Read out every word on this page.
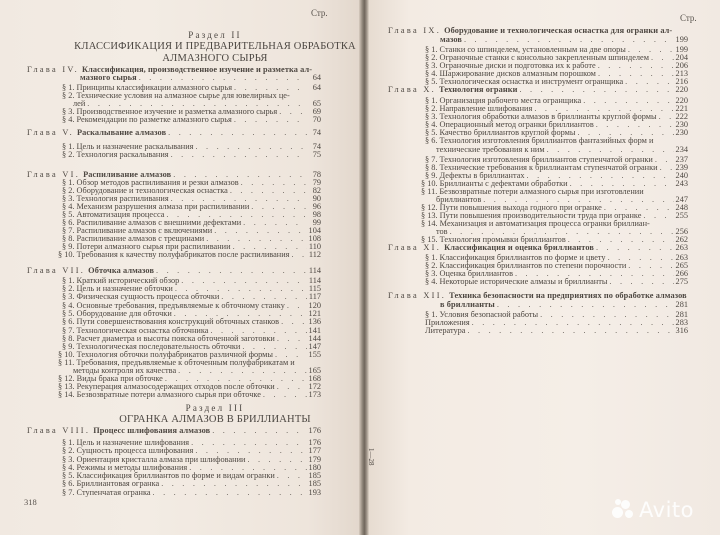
Стр.
Раздел II
КЛАССИФИКАЦИЯ И ПРЕДВАРИТЕЛЬНАЯ ОБРАБОТКА
АЛМАЗНОГО СЫРЬЯ
Глава IV. Классификация, производственное изучение и разметка ал-
мазного сырья . . .	64
§ 1. Принципы классификации алмазного сырья . . .	64
§ 2. Технические условия на алмазное сырье для ювелирных це-
лей . . .	65
§ 3. Производственное изучение и разметка алмазного сырья . . .	69
§ 4. Рекомендации по разметке алмазного сырья . . .	70
Глава V. Раскалывание алмазов . . .	74
§ 1. Цель и назначение раскалывания . . .	74
§ 2. Технология раскалывания . . .	75
Глава VI. Распиливание алмазов . . .	78
§ 1. Обзор методов распиливания и резки алмазов . . .	79
§ 2. Оборудование и технологическая оснастка . . .	82
§ 3. Технология распиливания . . .	90
§ 4. Механизм разрушения алмаза при распиливании . . .	96
§ 5. Автоматизация процесса . . .	98
§ 6. Распиливание алмазов с внешними дефектами . . .	99
§ 7. Распиливание алмазов с включениями . . .	104
§ 8. Распиливание алмазов с трещинами . . .	108
§ 9. Потери алмазного сырья при распиливании . . .	110
§ 10. Требования к качеству полуфабрикатов после распиливания . . . 112
Глава VII. Обточка алмазов . . .	114
§ 1. Краткий исторический обзор . . .	114
§ 2. Цель и назначение обточки . . .	115
§ 3. Физическая сущность процесса обточки . . .	117
§ 4. Основные требования, предъявляемые к обточному станку . . .	120
§ 5. Оборудование для обточки . . .	121
§ 6. Пути совершенствования конструкций обточных станков . . .	136
§ 7. Технологическая оснастка обточника . . .	141
§ 8. Расчет диаметра и высоты пояска обточенной заготовки . . .	144
§ 9. Технологическая последовательность обточки . . .	147
§ 10. Технология обточки полуфабрикатов различной формы . . .	155
§ 11. Требования, предъявляемые к обточенным полуфабрикатам и
методы контроля их качества . . .	165
§ 12. Виды брака при обточке . . .	168
§ 13. Рекуперация алмазосодержащих отходов после обточки . . .	172
§ 14. Безвозвратные потери алмазного сырья при обточке . . .	173
Раздел III
ОГРАНКА АЛМАЗОВ В БРИЛЛИАНТЫ
Глава VIII. Процесс шлифования алмазов . . .	176
§ 1. Цель и назначение шлифования . . .	176
§ 2. Сущность процесса шлифования . . .	177
§ 3. Ориентация кристалла алмаза при шлифовании . . .	179
§ 4. Режимы и методы шлифования . . .	180
§ 5. Классификация бриллиантов по форме и видам огранки . . .	185
§ 6. Бриллиантовая огранка . . .	185
§ 7. Ступенчатая огранка . . .	193
318
Стр.
Глава IX. Оборудование и технологическая оснастка для огранки ал-
мазов . . .	199
§ 1. Станки со шпинделем, установленным на две опоры . . .	199
§ 2. Ограночные станки с консольно закрепленным шпинделем . . .	204
§ 3. Ограночные диски и подготовка их к работе . . .	206
§ 4. Шаржирование дисков алмазным порошком . . .	213
§ 5. Технологическая оснастка и инструмент огранщика . . .	216
Глава X. Технология огранки . . .	220
§ 1. Организация рабочего места огранщика . . .	220
§ 2. Направление шлифования . . .	221
§ 3. Технология обработки алмазов в бриллианты круглой формы . . . 222
§ 4. Операционный метод огранки бриллиантов . . .	230
§ 5. Качество бриллиантов круглой формы . . .	230
§ 6. Технология изготовления бриллиантов фантазийных форм и
технические требования к ним . . .	234
§ 7. Технология изготовления бриллиантов ступенчатой огранки . . .	237
§ 8. Технические требования к бриллиантам ступенчатой огранки . . . 239
§ 9. Дефекты в бриллиантах . . .	240
§ 10. Бриллианты с дефектами обработки . . .	243
§ 11. Безвозвратные потери алмазного сырья при изготовлении
бриллиантов . . .	247
§ 12. Пути повышения выхода годного при огранке . . .	248
§ 13. Пути повышения производительности труда при огранке . . .	255
§ 14. Механизация и автоматизация процесса огранки бриллиан-
тов . . .	256
§ 15. Технология промывки бриллиантов . . .	262
Глава XI. Классификация и оценка бриллиантов . . .	263
§ 1. Классификация бриллиантов по форме и цвету . . .	263
§ 2. Классификация бриллиантов по степени порочности . . .	265
§ 3. Оценка бриллиантов . . .	266
§ 4. Некоторые исторические алмазы и бриллианты . . .	275
Глава XII. Техника безопасности на предприятиях по обработке алмазов
в бриллианты . . .	281
§ 1. Условия безопасной работы . . .	281
Приложения . . .	283
Литература . . .	316
1—28
Avito
